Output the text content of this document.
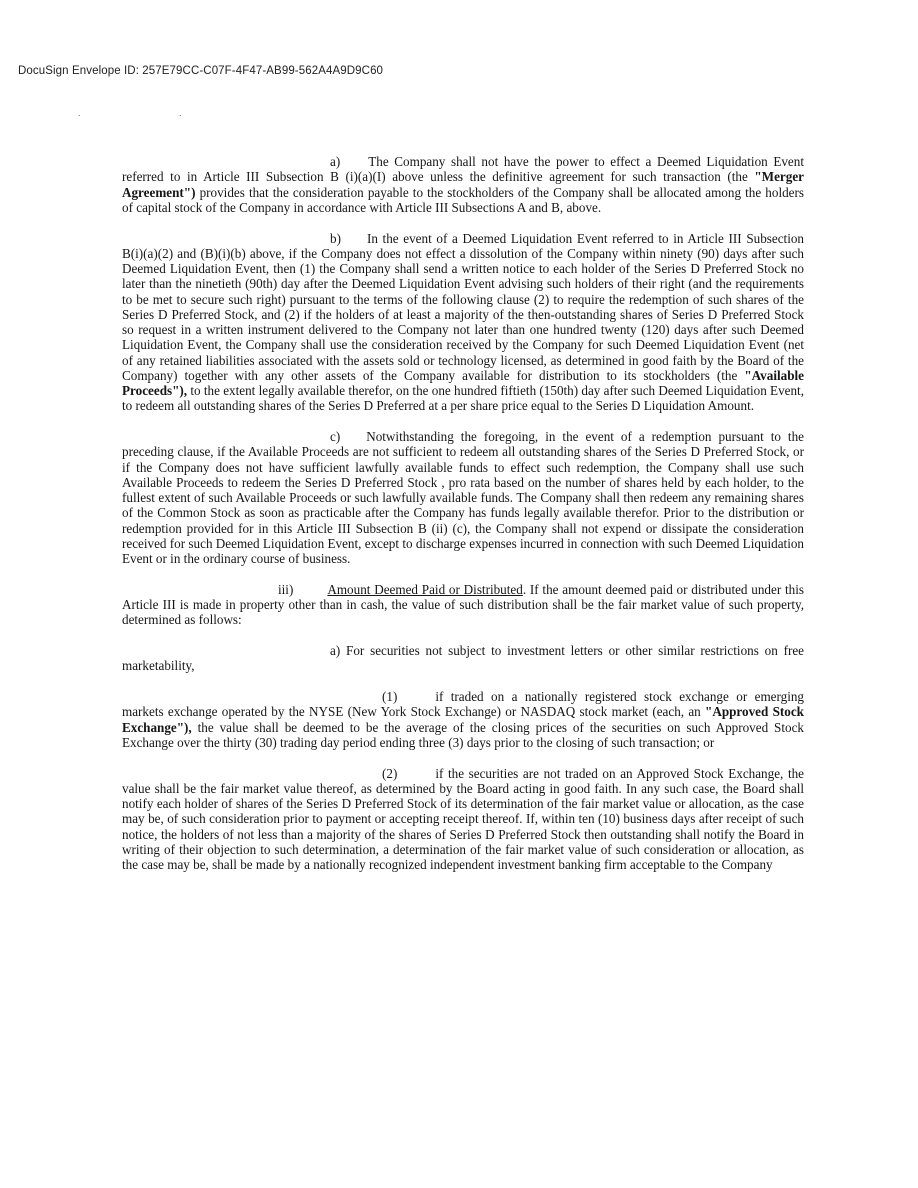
DocuSign Envelope ID: 257E79CC-C07F-4F47-AB99-562A4A9D9C60
. .

a) The Company shall not have the power to effect a Deemed Liquidation Event referred to in Article III Subsection B (i)(a)(I) above unless the definitive agreement for such transaction (the "Merger Agreement") provides that the consideration payable to the stockholders of the Company shall be allocated among the holders of capital stock of the Company in accordance with Article III Subsections A and B, above.

b) In the event of a Deemed Liquidation Event referred to in Article III Subsection B(i)(a)(2) and (B)(i)(b) above, if the Company does not effect a dissolution of the Company within ninety (90) days after such Deemed Liquidation Event, then (1) the Company shall send a written notice to each holder of the Series D Preferred Stock no later than the ninetieth (90th) day after the Deemed Liquidation Event advising such holders of their right (and the requirements to be met to secure such right) pursuant to the terms of the following clause (2) to require the redemption of such shares of the Series D Preferred Stock, and (2) if the holders of at least a majority of the then-outstanding shares of Series D Preferred Stock so request in a written instrument delivered to the Company not later than one hundred twenty (120) days after such Deemed Liquidation Event, the Company shall use the consideration received by the Company for such Deemed Liquidation Event (net of any retained liabilities associated with the assets sold or technology licensed, as determined in good faith by the Board of the Company) together with any other assets of the Company available for distribution to its stockholders (the "Available Proceeds"), to the extent legally available therefor, on the one hundred fiftieth (150th) day after such Deemed Liquidation Event, to redeem all outstanding shares of the Series D Preferred at a per share price equal to the Series D Liquidation Amount.

c) Notwithstanding the foregoing, in the event of a redemption pursuant to the preceding clause, if the Available Proceeds are not sufficient to redeem all outstanding shares of the Series D Preferred Stock, or if the Company does not have sufficient lawfully available funds to effect such redemption, the Company shall use such Available Proceeds to redeem the Series D Preferred Stock , pro rata based on the number of shares held by each holder, to the fullest extent of such Available Proceeds or such lawfully available funds. The Company shall then redeem any remaining shares of the Common Stock as soon as practicable after the Company has funds legally available therefor. Prior to the distribution or redemption provided for in this Article III Subsection B (ii) (c), the Company shall not expend or dissipate the consideration received for such Deemed Liquidation Event, except to discharge expenses incurred in connection with such Deemed Liquidation Event or in the ordinary course of business.

iii)	Amount Deemed Paid or Distributed. If the amount deemed paid or distributed under this Article III is made in property other than in cash, the value of such distribution shall be the fair market value of such property, determined as follows:

a) For securities not subject to investment letters or other similar restrictions on free marketability,

(1)	if traded on a nationally registered stock exchange or emerging markets exchange operated by the NYSE (New York Stock Exchange) or NASDAQ stock market (each, an "Approved Stock Exchange"), the value shall be deemed to be the average of the closing prices of the securities on such Approved Stock Exchange over the thirty (30) trading day period ending three (3) days prior to the closing of such transaction; or

(2)	if the securities are not traded on an Approved Stock Exchange, the value shall be the fair market value thereof, as determined by the Board acting in good faith. In any such case, the Board shall notify each holder of shares of the Series D Preferred Stock of its determination of the fair market value or allocation, as the case may be, of such consideration prior to payment or accepting receipt thereof. If, within ten (10) business days after receipt of such notice, the holders of not less than a majority of the shares of Series D Preferred Stock then outstanding shall notify the Board in writing of their objection to such determination, a determination of the fair market value of such consideration or allocation, as the case may be, shall be made by a nationally recognized independent investment banking firm acceptable to the Company
